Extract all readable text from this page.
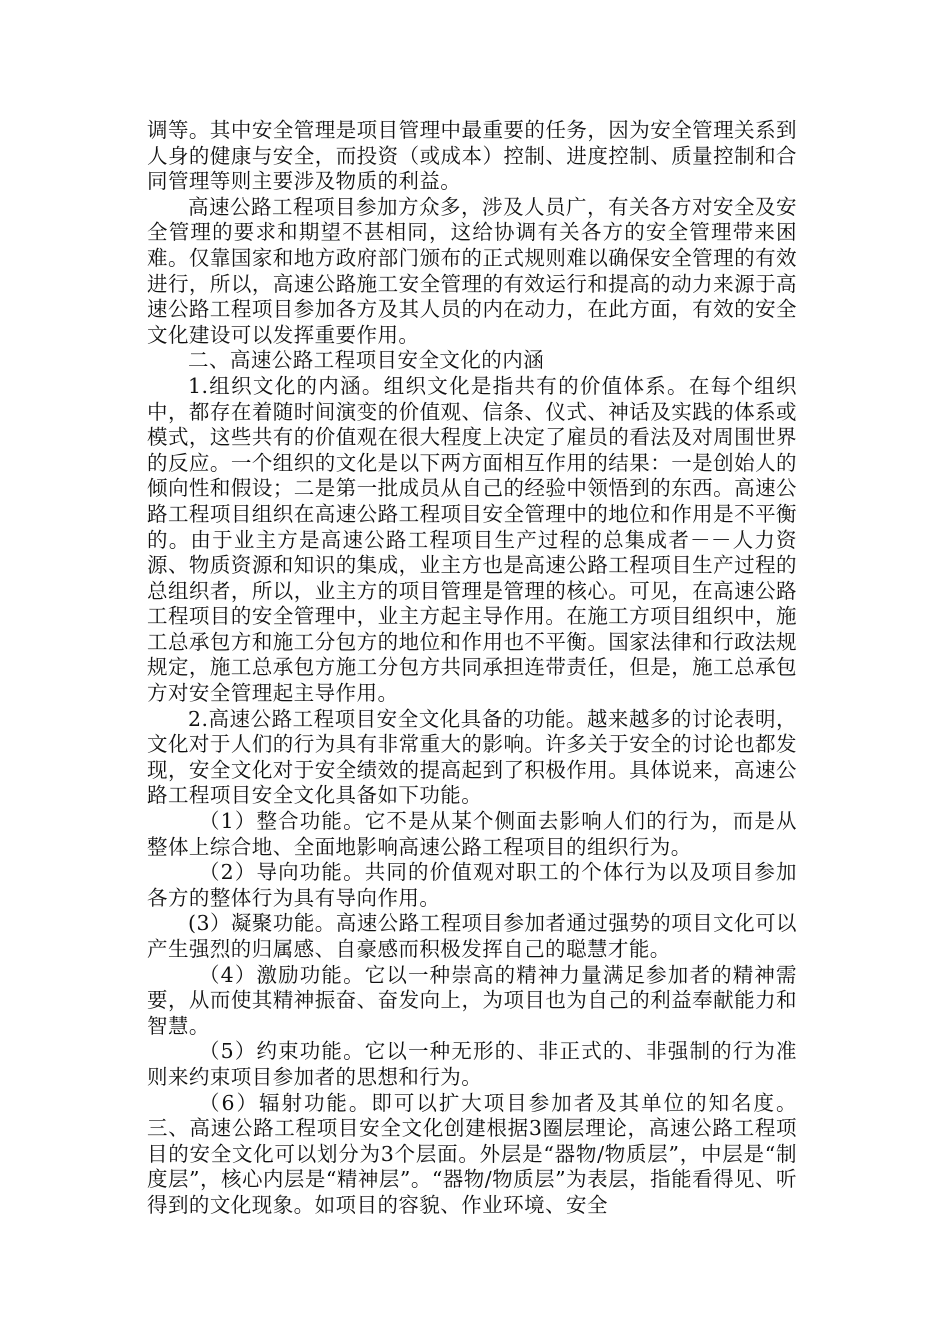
调等。其中安全管理是项目管理中最重要的任务，因为安全管理关系到人身的健康与安全，而投资（或成本）控制、进度控制、质量控制和合同管理等则主要涉及物质的利益。

高速公路工程项目参加方众多，涉及人员广，有关各方对安全及安全管理的要求和期望不甚相同，这给协调有关各方的安全管理带来困难。仅靠国家和地方政府部门颁布的正式规则难以确保安全管理的有效进行，所以，高速公路施工安全管理的有效运行和提高的动力来源于高速公路工程项目参加各方及其人员的内在动力，在此方面，有效的安全文化建设可以发挥重要作用。

二、高速公路工程项目安全文化的内涵

1.组织文化的内涵。组织文化是指共有的价值体系。在每个组织中，都存在着随时间演变的价值观、信条、仪式、神话及实践的体系或模式，这些共有的价值观在很大程度上决定了雇员的看法及对周围世界的反应。一个组织的文化是以下两方面相互作用的结果：一是创始人的倾向性和假设；二是第一批成员从自己的经验中领悟到的东西。高速公路工程项目组织在高速公路工程项目安全管理中的地位和作用是不平衡的。由于业主方是高速公路工程项目生产过程的总集成者－－人力资源、物质资源和知识的集成，业主方也是高速公路工程项目生产过程的总组织者，所以，业主方的项目管理是管理的核心。可见，在高速公路工程项目的安全管理中，业主方起主导作用。在施工方项目组织中，施工总承包方和施工分包方的地位和作用也不平衡。国家法律和行政法规规定，施工总承包方施工分包方共同承担连带责任，但是，施工总承包方对安全管理起主导作用。

2.高速公路工程项目安全文化具备的功能。越来越多的讨论表明，文化对于人们的行为具有非常重大的影响。许多关于安全的讨论也都发现，安全文化对于安全绩效的提高起到了积极作用。具体说来，高速公路工程项目安全文化具备如下功能。

（1）整合功能。它不是从某个侧面去影响人们的行为，而是从整体上综合地、全面地影响高速公路工程项目的组织行为。

（2）导向功能。共同的价值观对职工的个体行为以及项目参加各方的整体行为具有导向作用。

(3）凝聚功能。高速公路工程项目参加者通过强势的项目文化可以产生强烈的归属感、自豪感而积极发挥自己的聪慧才能。

（4）激励功能。它以一种崇高的精神力量满足参加者的精神需要，从而使其精神振奋、奋发向上，为项目也为自己的利益奉献能力和智慧。

（5）约束功能。它以一种无形的、非正式的、非强制的行为准则来约束项目参加者的思想和行为。

（6）辐射功能。即可以扩大项目参加者及其单位的知名度。三、高速公路工程项目安全文化创建根据3圈层理论，高速公路工程项目的安全文化可以划分为3个层面。外层是“器物/物质层”，中层是“制度层”，核心内层是“精神层”。“器物/物质层”为表层，指能看得见、听得到的文化现象。如项目的容貌、作业环境、安全
